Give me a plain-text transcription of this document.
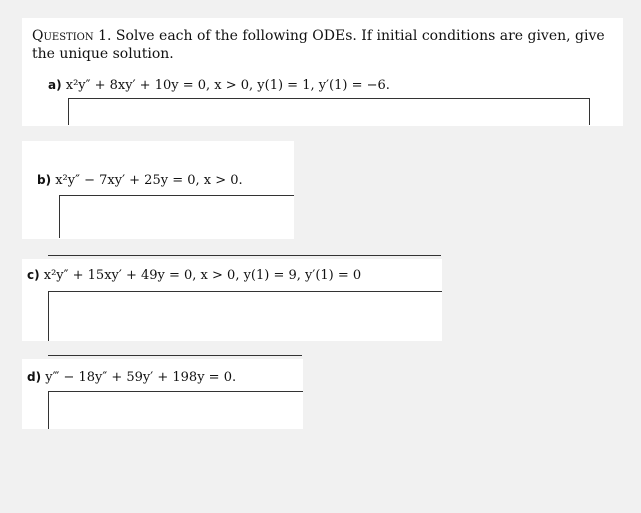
Question 1. Solve each of the following ODEs. If initial conditions are given, give the unique solution.
a) x²y″ + 8xy′ + 10y = 0, x > 0, y(1) = 1, y′(1) = −6.
b) x²y″ − 7xy′ + 25y = 0, x > 0.
c) x²y″ + 15xy′ + 49y = 0, x > 0, y(1) = 9, y′(1) = 0
d) y‴ − 18y″ + 59y′ + 198y = 0.
